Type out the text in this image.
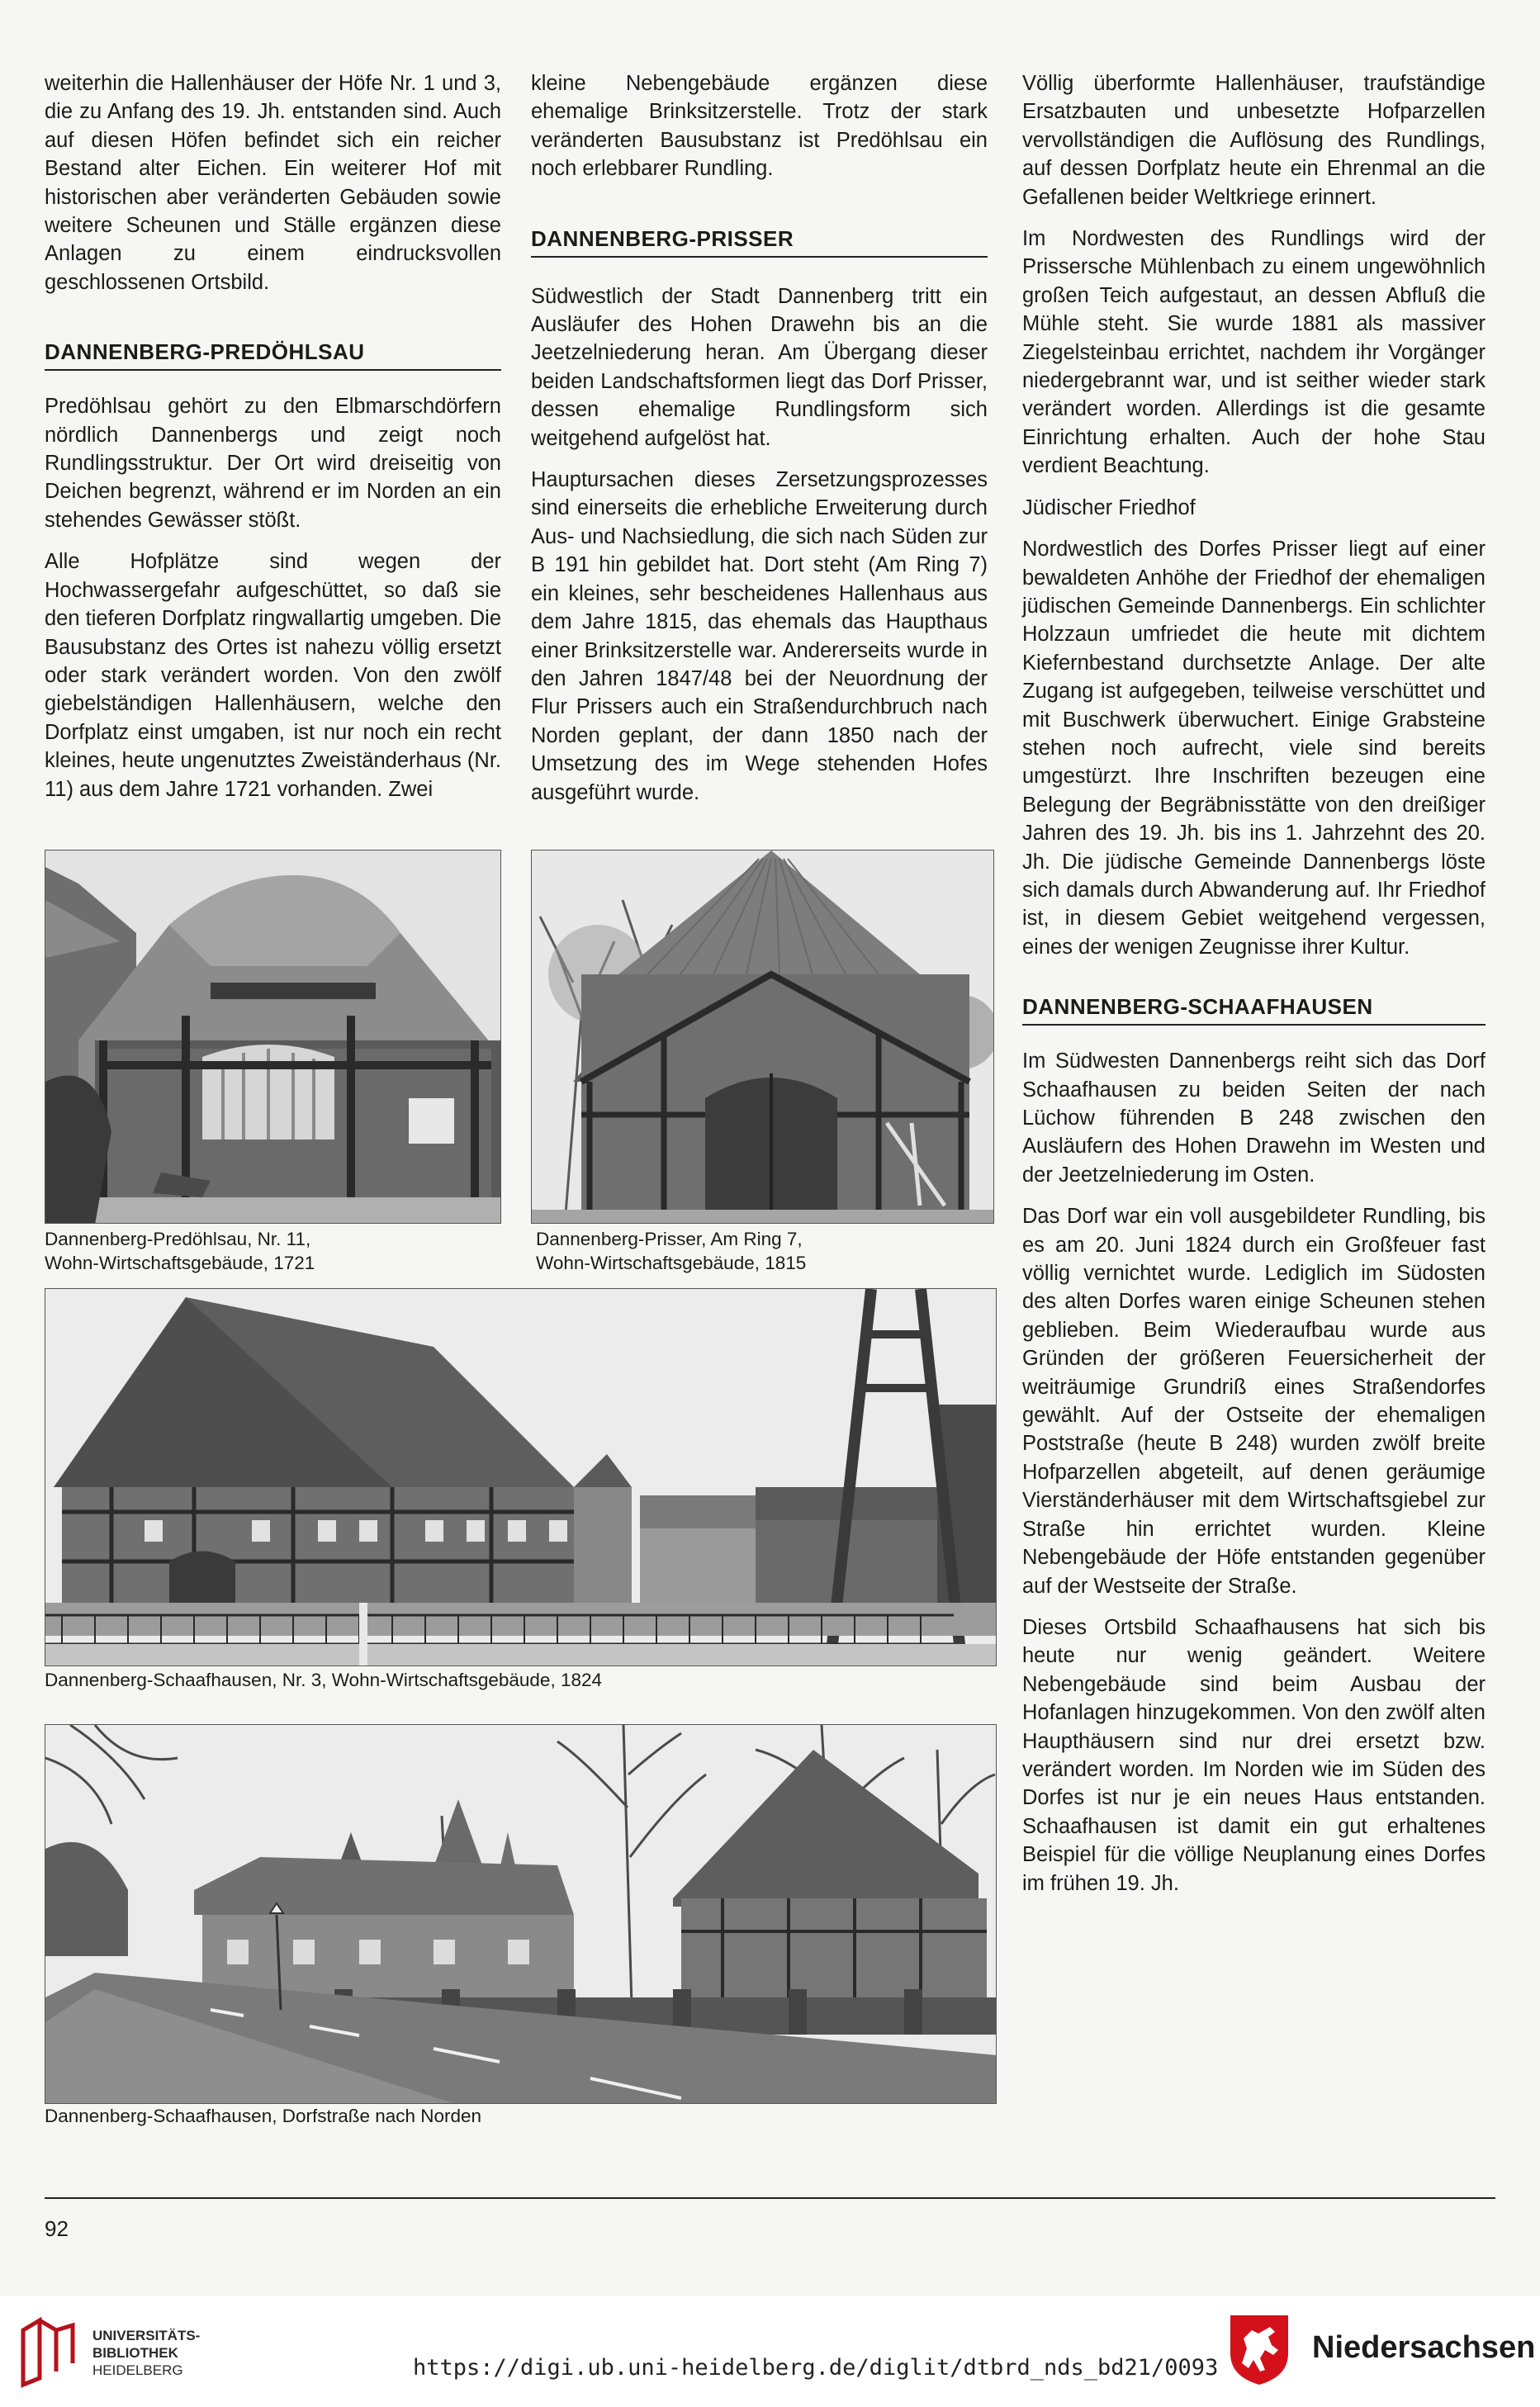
weiterhin die Hallenhäuser der Höfe Nr. 1 und 3, die zu Anfang des 19. Jh. entstanden sind. Auch auf diesen Höfen befindet sich ein reicher Bestand alter Eichen. Ein weiterer Hof mit historischen aber veränderten Gebäuden sowie weitere Scheunen und Ställe ergänzen diese Anlagen zu einem eindrucksvollen geschlossenen Ortsbild.

DANNENBERG-PREDÖHLSAU

Predöhlsau gehört zu den Elbmarschdörfern nördlich Dannenbergs und zeigt noch Rundlingsstruktur. Der Ort wird dreiseitig von Deichen begrenzt, während er im Norden an ein stehendes Gewässer stößt.

Alle Hofplätze sind wegen der Hochwassergefahr aufgeschüttet, so daß sie den tieferen Dorfplatz ringwallartig umgeben. Die Bausubstanz des Ortes ist nahezu völlig ersetzt oder stark verändert worden. Von den zwölf giebelständigen Hallenhäusern, welche den Dorfplatz einst umgaben, ist nur noch ein recht kleines, heute ungenutztes Zweiständerhaus (Nr. 11) aus dem Jahre 1721 vorhanden. Zwei

kleine Nebengebäude ergänzen diese ehemalige Brinksitzerstelle. Trotz der stark veränderten Bausubstanz ist Predöhlsau ein noch erlebbarer Rundling.

DANNENBERG-PRISSER

Südwestlich der Stadt Dannenberg tritt ein Ausläufer des Hohen Drawehn bis an die Jeetzelniederung heran. Am Übergang dieser beiden Landschaftsformen liegt das Dorf Prisser, dessen ehemalige Rundlingsform sich weitgehend aufgelöst hat.

Hauptursachen dieses Zersetzungsprozesses sind einerseits die erhebliche Erweiterung durch Aus- und Nachsiedlung, die sich nach Süden zur B 191 hin gebildet hat. Dort steht (Am Ring 7) ein kleines, sehr bescheidenes Hallenhaus aus dem Jahre 1815, das ehemals das Haupthaus einer Brinksitzerstelle war. Andererseits wurde in den Jahren 1847/48 bei der Neuordnung der Flur Prissers auch ein Straßendurchbruch nach Norden geplant, der dann 1850 nach der Umsetzung des im Wege stehenden Hofes ausgeführt wurde.

Völlig überformte Hallenhäuser, traufständige Ersatzbauten und unbesetzte Hofparzellen vervollständigen die Auflösung des Rundlings, auf dessen Dorfplatz heute ein Ehrenmal an die Gefallenen beider Weltkriege erinnert.

Im Nordwesten des Rundlings wird der Prissersche Mühlenbach zu einem ungewöhnlich großen Teich aufgestaut, an dessen Abfluß die Mühle steht. Sie wurde 1881 als massiver Ziegelsteinbau errichtet, nachdem ihr Vorgänger niedergebrannt war, und ist seither wieder stark verändert worden. Allerdings ist die gesamte Einrichtung erhalten. Auch der hohe Stau verdient Beachtung.

Jüdischer Friedhof

Nordwestlich des Dorfes Prisser liegt auf einer bewaldeten Anhöhe der Friedhof der ehemaligen jüdischen Gemeinde Dannenbergs. Ein schlichter Holzzaun umfriedet die heute mit dichtem Kiefernbestand durchsetzte Anlage. Der alte Zugang ist aufgegeben, teilweise verschüttet und mit Buschwerk überwuchert. Einige Grabsteine stehen noch aufrecht, viele sind bereits umgestürzt. Ihre Inschriften bezeugen eine Belegung der Begräbnisstätte von den dreißiger Jahren des 19. Jh. bis ins 1. Jahrzehnt des 20. Jh. Die jüdische Gemeinde Dannenbergs löste sich damals durch Abwanderung auf. Ihr Friedhof ist, in diesem Gebiet weitgehend vergessen, eines der wenigen Zeugnisse ihrer Kultur.

DANNENBERG-SCHAAFHAUSEN

Im Südwesten Dannenbergs reiht sich das Dorf Schaafhausen zu beiden Seiten der nach Lüchow führenden B 248 zwischen den Ausläufern des Hohen Drawehn im Westen und der Jeetzelniederung im Osten.

Das Dorf war ein voll ausgebildeter Rundling, bis es am 20. Juni 1824 durch ein Großfeuer fast völlig vernichtet wurde. Lediglich im Südosten des alten Dorfes waren einige Scheunen stehen geblieben. Beim Wiederaufbau wurde aus Gründen der größeren Feuersicherheit der weiträumige Grundriß eines Straßendorfes gewählt. Auf der Ostseite der ehemaligen Poststraße (heute B 248) wurden zwölf breite Hofparzellen abgeteilt, auf denen geräumige Vierständerhäuser mit dem Wirtschaftsgiebel zur Straße hin errichtet wurden. Kleine Nebengebäude der Höfe entstanden gegenüber auf der Westseite der Straße.

Dieses Ortsbild Schaafhausens hat sich bis heute nur wenig geändert. Weitere Nebengebäude sind beim Ausbau der Hofanlagen hinzugekommen. Von den zwölf alten Haupthäusern sind nur drei ersetzt bzw. verändert worden. Im Norden wie im Süden des Dorfes ist nur je ein neues Haus entstanden. Schaafhausen ist damit ein gut erhaltenes Beispiel für die völlige Neuplanung eines Dorfes im frühen 19. Jh.

Dannenberg-Predöhlsau, Nr. 11,
Wohn-Wirtschaftsgebäude, 1721
Dannenberg-Prisser, Am Ring 7,
Wohn-Wirtschaftsgebäude, 1815
Dannenberg-Schaafhausen, Nr. 3, Wohn-Wirtschaftsgebäude, 1824
Dannenberg-Schaafhausen, Dorfstraße nach Norden
92
UNIVERSITÄTS-
BIBLIOTHEK
HEIDELBERG	https://digi.ub.uni-heidelberg.de/diglit/dtbrd_nds_bd21/0093
Niedersachsen
